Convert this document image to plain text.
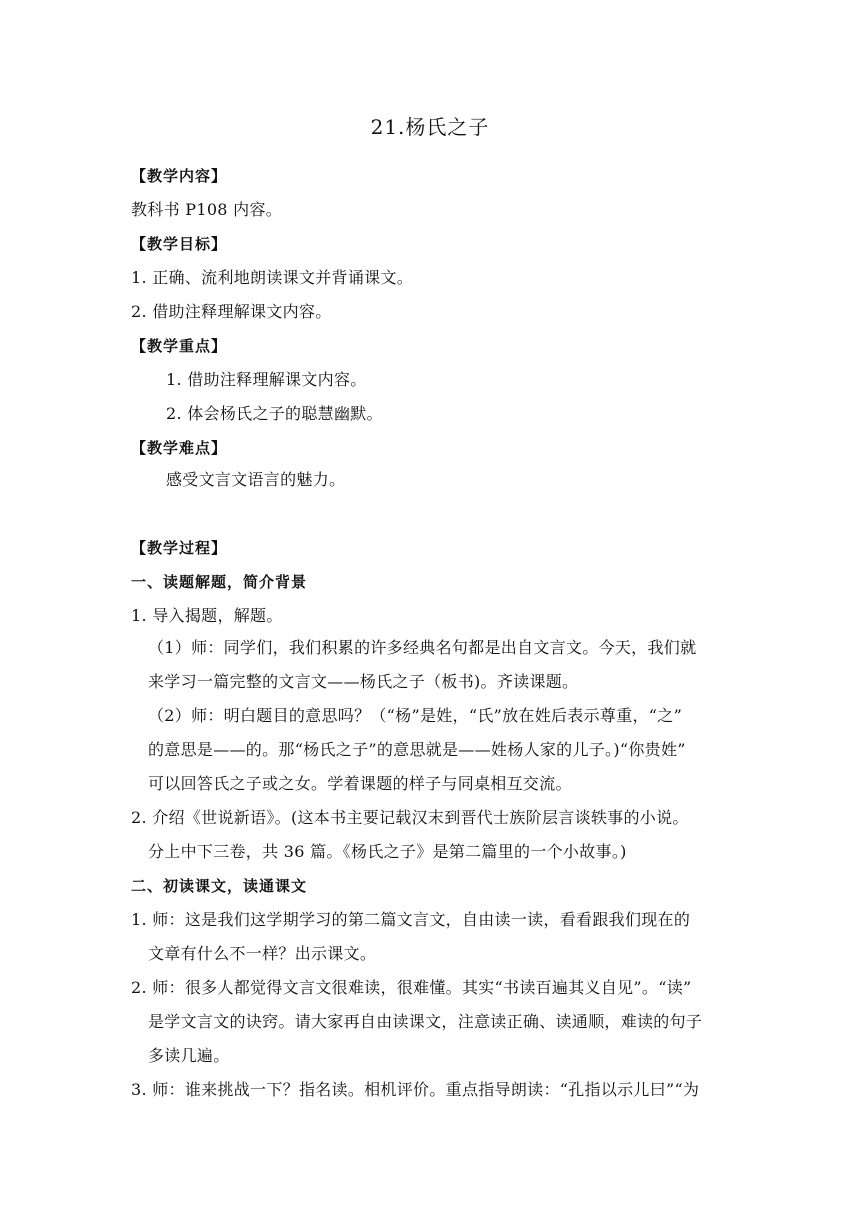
21.杨氏之子
【教学内容】
教科书 P108 内容。
【教学目标】
1. 正确、流利地朗读课文并背诵课文。
2. 借助注释理解课文内容。
【教学重点】
1. 借助注释理解课文内容。
2. 体会杨氏之子的聪慧幽默。
【教学难点】
感受文言文语言的魅力。
【教学过程】
一、读题解题，简介背景
1. 导入揭题，解题。
（1）师：同学们，我们积累的许多经典名句都是出自文言文。今天，我们就
来学习一篇完整的文言文——杨氏之子（板书)。齐读课题。
（2）师：明白题目的意思吗？（“杨”是姓，“氏”放在姓后表示尊重，“之”
的意思是——的。那“杨氏之子”的意思就是——姓杨人家的儿子。)“你贵姓”
可以回答氏之子或之女。学着课题的样子与同桌相互交流。
2. 介绍《世说新语》。(这本书主要记载汉末到晋代士族阶层言谈轶事的小说。
分上中下三卷，共 36 篇。《杨氏之子》是第二篇里的一个小故事。)
二、初读课文，读通课文
1. 师：这是我们这学期学习的第二篇文言文，自由读一读，看看跟我们现在的
文章有什么不一样？出示课文。
2. 师：很多人都觉得文言文很难读，很难懂。其实“书读百遍其义自见”。“读”
是学文言文的诀窍。请大家再自由读课文，注意读正确、读通顺，难读的句子
多读几遍。
3. 师：谁来挑战一下？指名读。相机评价。重点指导朗读：“孔指以示儿曰”“为
